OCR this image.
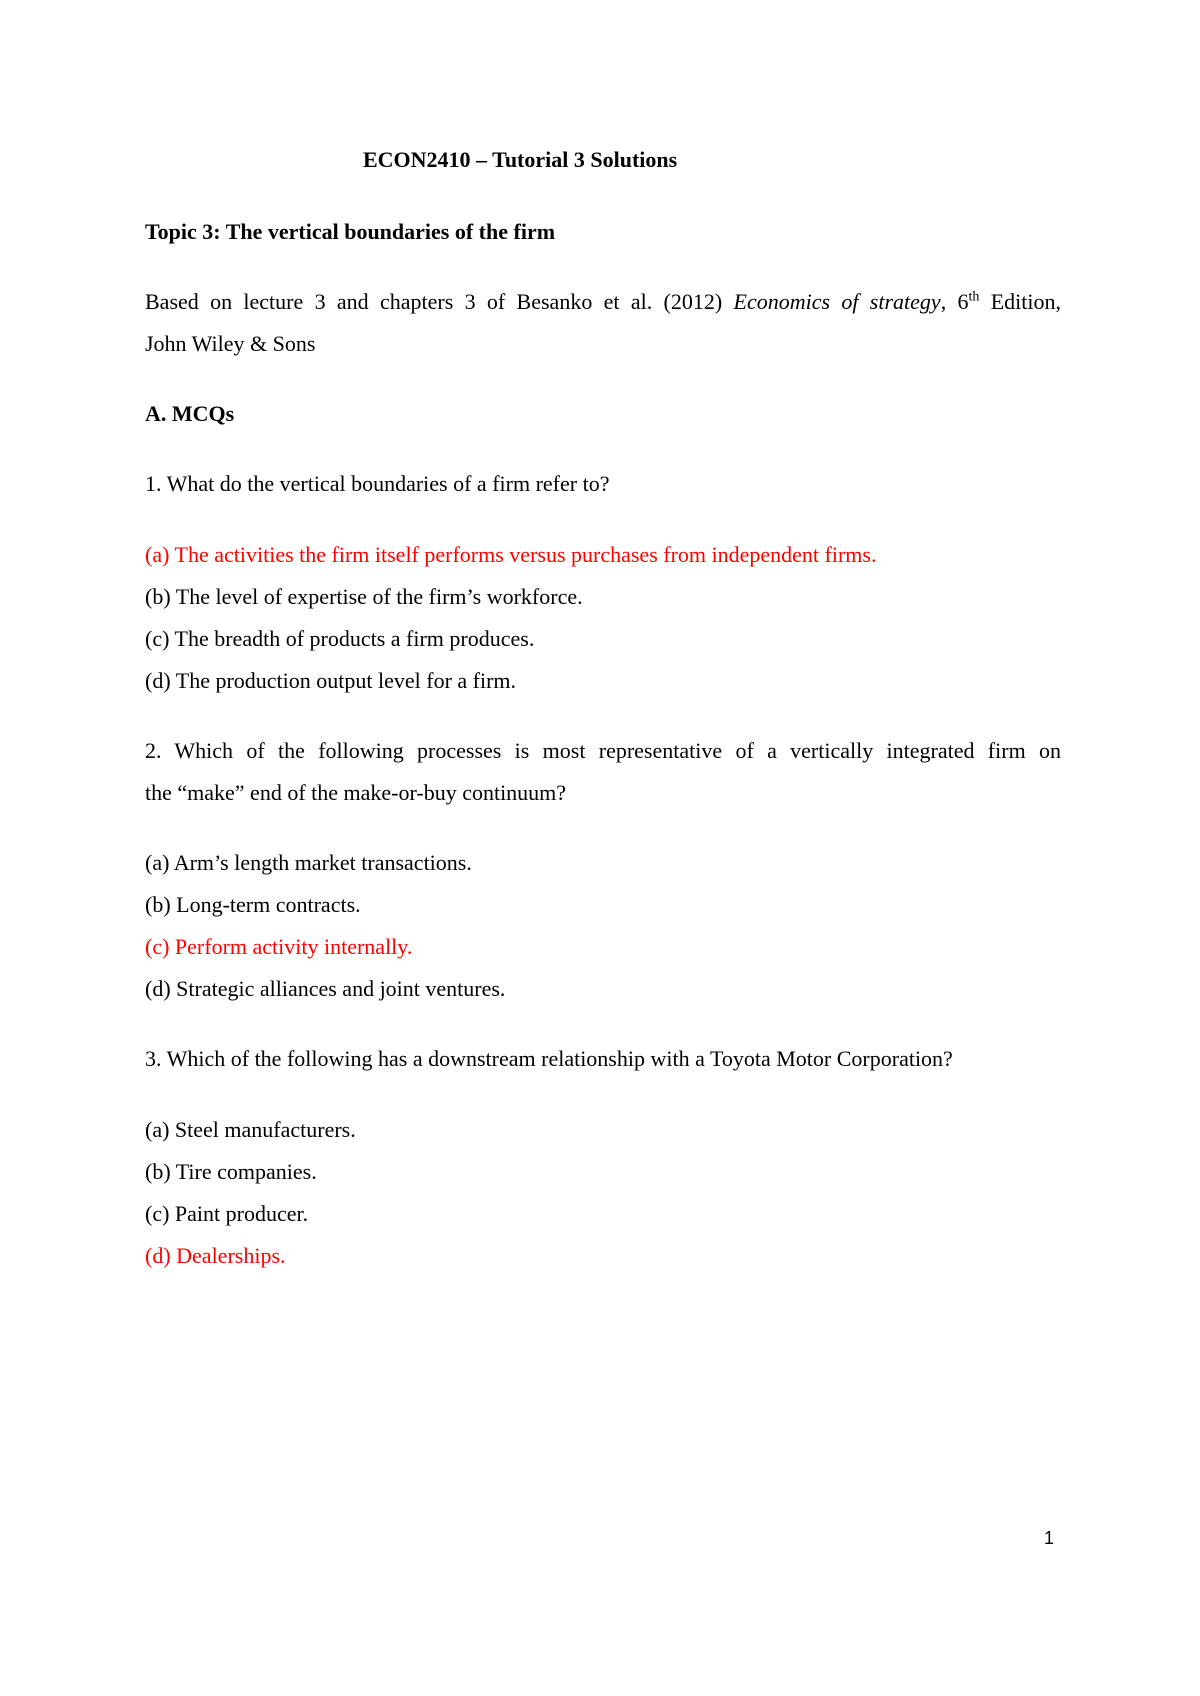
ECON2410 – Tutorial 3 Solutions
Topic 3: The vertical boundaries of the firm
Based on lecture 3 and chapters 3 of Besanko et al. (2012) Economics of strategy, 6th Edition,
John Wiley & Sons
A. MCQs
1. What do the vertical boundaries of a firm refer to?
(a) The activities the firm itself performs versus purchases from independent firms.
(b) The level of expertise of the firm’s workforce.
(c) The breadth of products a firm produces.
(d) The production output level for a firm.
2. Which of the following processes is most representative of a vertically integrated firm on
the “make” end of the make-or-buy continuum?
(a) Arm’s length market transactions.
(b) Long-term contracts.
(c) Perform activity internally.
(d) Strategic alliances and joint ventures.
3. Which of the following has a downstream relationship with a Toyota Motor Corporation?
(a) Steel manufacturers.
(b) Tire companies.
(c) Paint producer.
(d) Dealerships.
1
